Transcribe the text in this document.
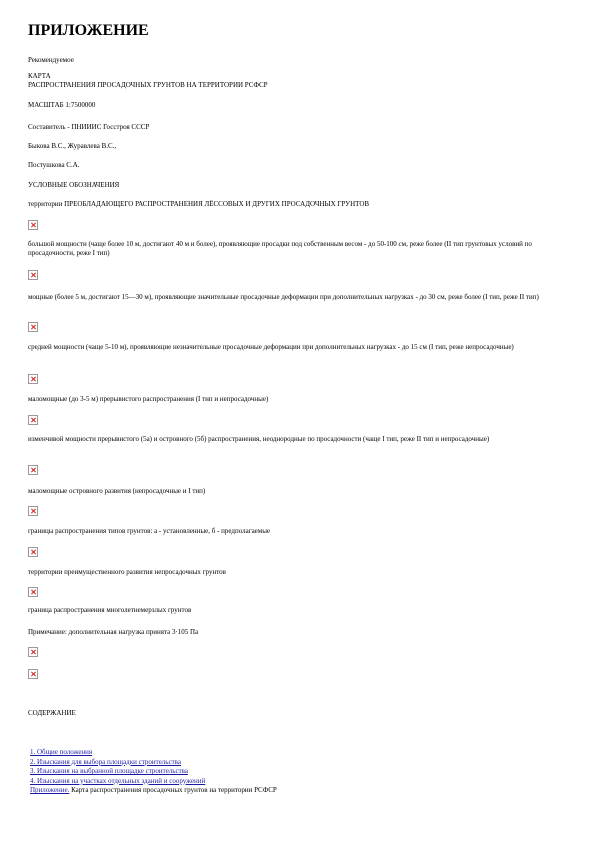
ПРИЛОЖЕНИЕ

Рекомендуемое

КАРТА

РАСПРОСТРАНЕНИЯ ПРОСАДОЧНЫХ ГРУНТОВ НА ТЕРРИТОРИИ РСФСР

МАСШТАБ 1:7500000

Составитель - ПНИИИС Госстроя СССР

Быкова В.С., Журавлева В.С.,

Постушкова С.А.

УСЛОВНЫЕ ОБОЗНАЧЕНИЯ

территории ПРЕОБЛАДАЮЩЕГО РАСПРОСТРАНЕНИЯ ЛЁССОВЫХ И ДРУГИХ ПРОСАДОЧНЫХ ГРУНТОВ

большой мощности (чаще более 10 м, достигают 40 м и более), проявляющие просадки под собственным весом - до 50-100 см, реже более (II тип грунтовых условий по просадочности, реже I тип)

мощные (более 5 м, достигают 15—30 м), проявляющие значительные просадочные деформации при дополнительных нагрузках - до 30 см, реже более (I тип, реже II тип)

средней мощности (чаще 5-10 м), проявляющие незначительные просадочные деформации при дополнительных нагрузках - до 15 см (I тип, реже непросадочные)

маломощные (до 3-5 м) прерывистого распространения (I тип и непросадочные)

изменчивой мощности прерывистого (5а) и островного (5б) распространения, неоднородные по просадочности (чаще I тип, реже II тип и непросадочные)

маломощные островного развития (непросадочные и I тип)

границы распространения типов грунтов: а - установленные, б - предполагаемые

территории преимущественного развития непросадочных грунтов

граница распространения многолетнемерзлых грунтов

Примечание: дополнительная нагрузка принята 3·105 Па

СОДЕРЖАНИЕ

1. Общие положения
2. Изыскания для выбора площадки строительства
3. Изыскания на выбранной площадке строительства
4. Изыскания на участках отдельных зданий и сооружений
Приложение. Карта распространения просадочных грунтов на территории РСФСР
